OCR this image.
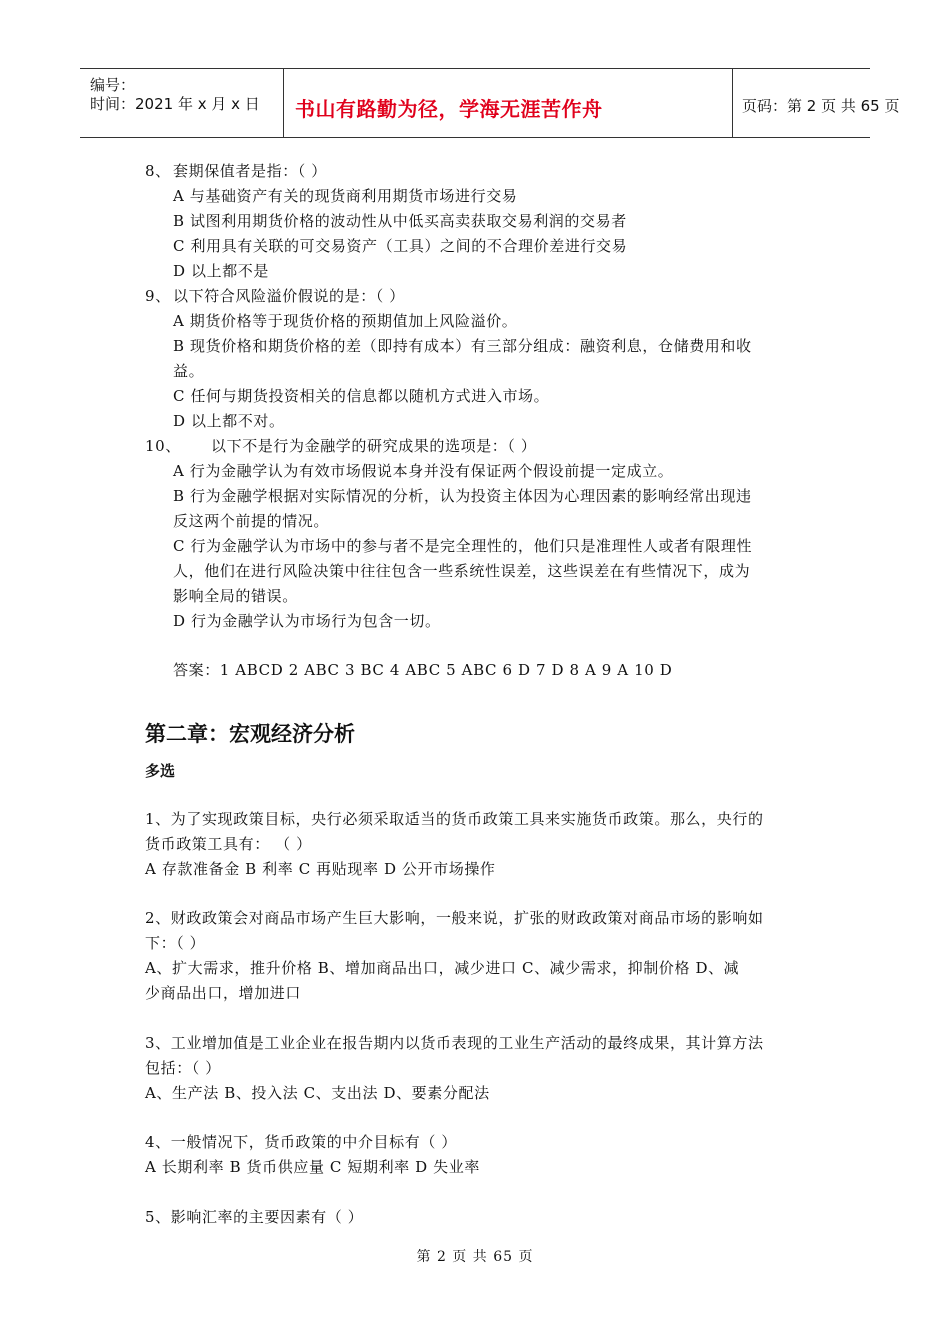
编号：
时间：2021 年 x 月 x 日 书山有路勤为径，学海无涯苦作舟	页码：第 2 页 共 65 页
8、 套期保值者是指：（ ）
A 与基础资产有关的现货商利用期货市场进行交易
B 试图利用期货价格的波动性从中低买高卖获取交易利润的交易者
C 利用具有关联的可交易资产（工具）之间的不合理价差进行交易
D 以上都不是
9、 以下符合风险溢价假说的是：（ ）
A 期货价格等于现货价格的预期值加上风险溢价。
B 现货价格和期货价格的差（即持有成本）有三部分组成：融资利息，仓储费用和收
益。
C 任何与期货投资相关的信息都以随机方式进入市场。
D 以上都不对。
10、 以下不是行为金融学的研究成果的选项是：（ ）
A 行为金融学认为有效市场假说本身并没有保证两个假设前提一定成立。
B 行为金融学根据对实际情况的分析，认为投资主体因为心理因素的影响经常出现违
反这两个前提的情况。
C 行为金融学认为市场中的参与者不是完全理性的，他们只是准理性人或者有限理性
人，他们在进行风险决策中往往包含一些系统性误差，这些误差在有些情况下，成为
影响全局的错误。
D 行为金融学认为市场行为包含一切。
答案：1 ABCD 2 ABC 3 BC 4 ABC 5 ABC 6 D 7 D 8 A 9 A 10 D
第二章：宏观经济分析
多选
1、为了实现政策目标，央行必须采取适当的货币政策工具来实施货币政策。那么，央行的
货币政策工具有： （ ）
A 存款准备金 B 利率 C 再贴现率 D 公开市场操作
2、财政政策会对商品市场产生巨大影响，一般来说，扩张的财政政策对商品市场的影响如
下：（ ）
A、扩大需求，推升价格 B、增加商品出口，减少进口 C、减少需求，抑制价格 D、减
少商品出口，增加进口
3、工业增加值是工业企业在报告期内以货币表现的工业生产活动的最终成果，其计算方法
包括：（ ）
A、生产法 B、投入法 C、支出法 D、要素分配法
4、一般情况下，货币政策的中介目标有（ ）
A 长期利率 B 货币供应量 C 短期利率 D 失业率
5、影响汇率的主要因素有（ ）
第 2 页 共 65 页
